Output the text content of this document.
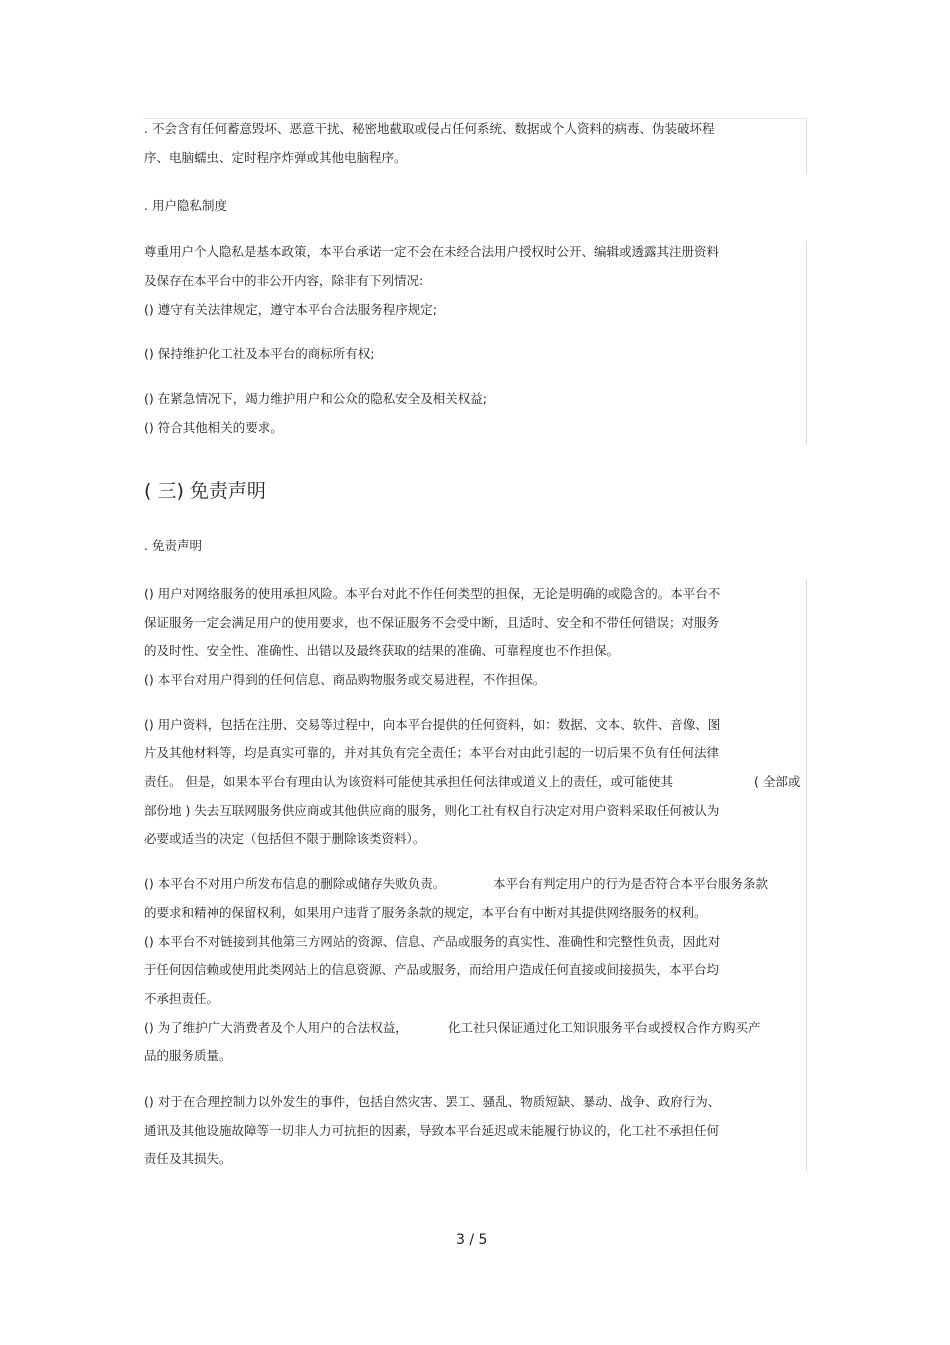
. 不会含有任何蓄意毁坏、恶意干扰、秘密地截取或侵占任何系统、数据或个人资料的病毒、伪装破坏程
序、电脑蠕虫、定时程序炸弹或其他电脑程序。
. 用户隐私制度
尊重用户个人隐私是基本政策，本平台承诺一定不会在未经合法用户授权时公开、编辑或透露其注册资料
及保存在本平台中的非公开内容，除非有下列情况:
() 遵守有关法律规定，遵守本平台合法服务程序规定;
() 保持维护化工社及本平台的商标所有权;
() 在紧急情况下，竭力维护用户和公众的隐私安全及相关权益;
() 符合其他相关的要求。
( 三) 免责声明
. 免责声明
() 用户对网络服务的使用承担风险。本平台对此不作任何类型的担保，无论是明确的或隐含的。本平台不
保证服务一定会满足用户的使用要求，也不保证服务不会受中断，且适时、安全和不带任何错误；对服务
的及时性、安全性、准确性、出错以及最终获取的结果的准确、可靠程度也不作担保。
() 本平台对用户得到的任何信息、商品购物服务或交易进程，不作担保。
() 用户资料，包括在注册、交易等过程中，向本平台提供的任何资料，如：数据、文本、软件、音像、图
片及其他材料等，均是真实可靠的，并对其负有完全责任；本平台对由此引起的一切后果不负有任何法律
责任。 但是，如果本平台有理由认为该资料可能使其承担任何法律或道义上的责任，或可能使其	( 全部或
部份地 ) 失去互联网服务供应商或其他供应商的服务，则化工社有权自行决定对用户资料采取任何被认为
必要或适当的决定（包括但不限于删除该类资料）。
() 本平台不对用户所发布信息的删除或储存失败负责。	本平台有判定用户的行为是否符合本平台服务条款
的要求和精神的保留权利，如果用户违背了服务条款的规定，本平台有中断对其提供网络服务的权利。
() 本平台不对链接到其他第三方网站的资源、信息、产品或服务的真实性、准确性和完整性负责，因此对
于任何因信赖或使用此类网站上的信息资源、产品或服务，而给用户造成任何直接或间接损失，本平台均
不承担责任。
() 为了维护广大消费者及个人用户的合法权益，	化工社只保证通过化工知识服务平台或授权合作方购买产
品的服务质量。
() 对于在合理控制力以外发生的事件，包括自然灾害、罢工、骚乱、物质短缺、暴动、战争、政府行为、
通讯及其他设施故障等一切非人力可抗拒的因素，导致本平台延迟或未能履行协议的，化工社不承担任何
责任及其损失。
3 / 5
